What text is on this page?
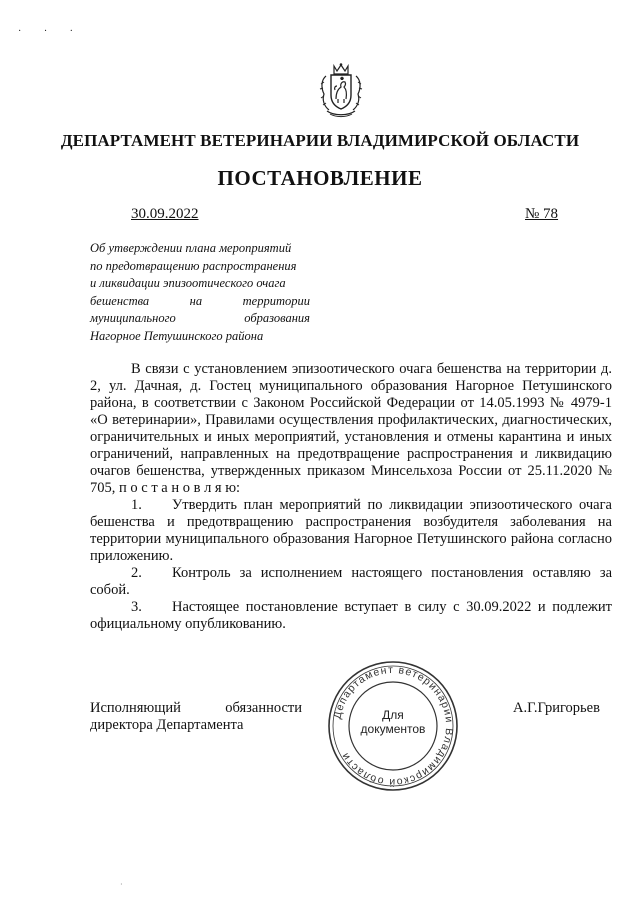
· · ·
ДЕПАРТАМЕНТ ВЕТЕРИНАРИИ ВЛАДИМИРСКОЙ ОБЛАСТИ
ПОСТАНОВЛЕНИЕ
30.09.2022	№ 78
Об утверждении плана мероприятий
по предотвращению распространения
и ликвидации эпизоотического очага
бешенства на территории
муниципального образования
Нагорное Петушинского района

В связи с установлением эпизоотического очага бешенства на территории д. 2, ул. Дачная, д. Гостец муниципального образования Нагорное Петушинского района, в соответствии с Законом Российской Федерации от 14.05.1993 № 4979-1 «О ветеринарии», Правилами осуществления профилактических, диагностических, ограничительных и иных мероприятий, установления и отмены карантина и иных ограничений, направленных на предотвращение распространения и ликвидацию очагов бешенства, утвержденных приказом Минсельхоза России от 25.11.2020 № 705, п о с т а н о в л я ю:

1. Утвердить план мероприятий по ликвидации эпизоотического очага бешенства и предотвращению распространения возбудителя заболевания на территории муниципального образования Нагорное Петушинского района согласно приложению.

2. Контроль за исполнением настоящего постановления оставляю за собой.

3. Настоящее постановление вступает в силу с 30.09.2022 и подлежит официальному опубликованию.

Исполняющий обязанности
директора Департамента
Департамент ветеринарии Владимирской области
Для
документов
А.Г.Григорьев
·
